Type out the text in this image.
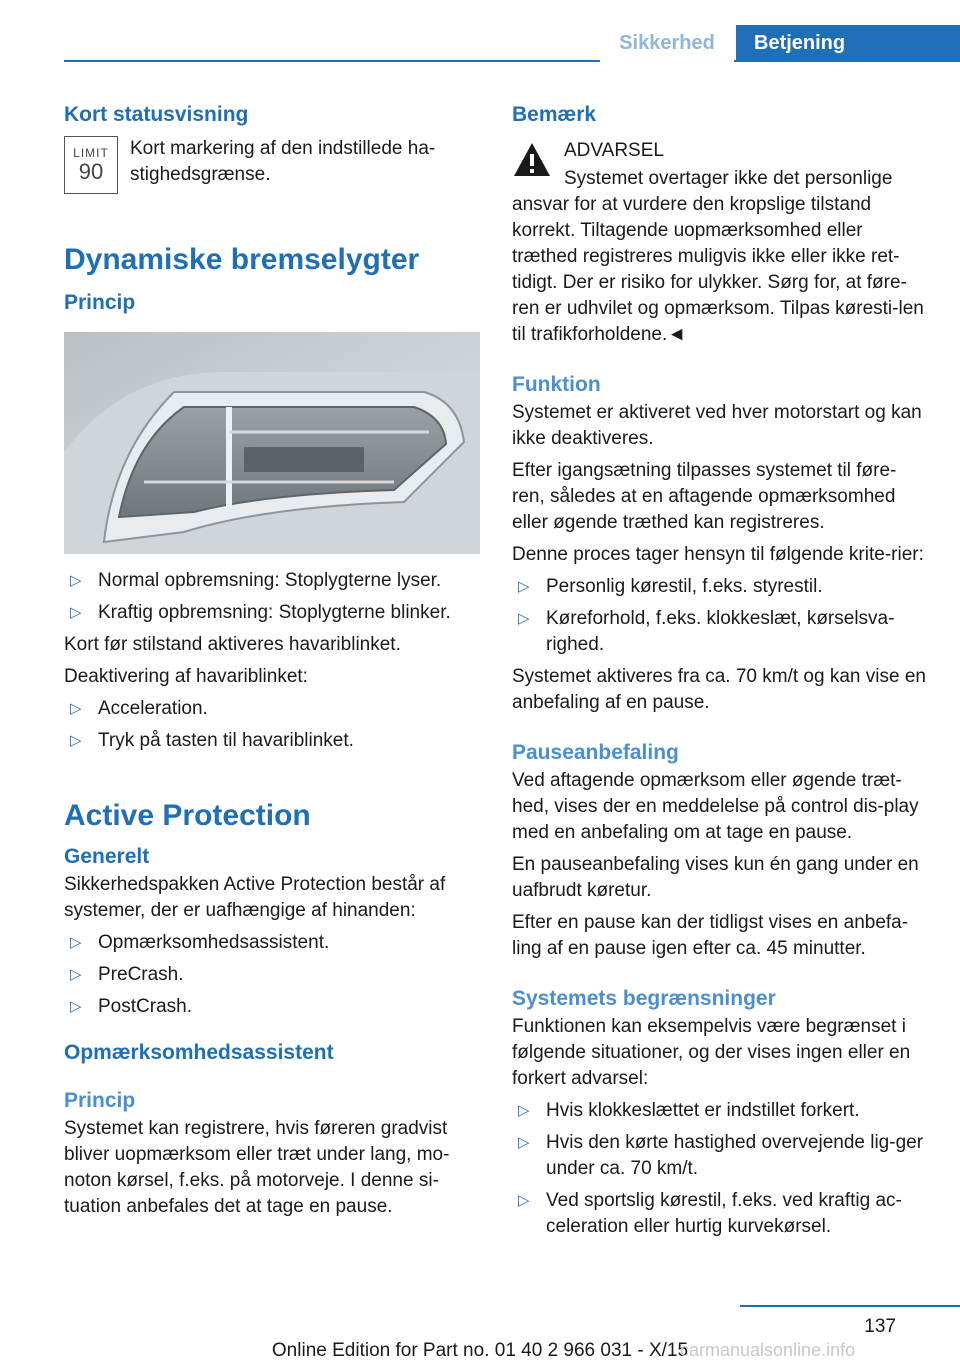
Sikkerhed	Betjening
Kort statusvisning
LIMIT
90

Kort markering af den indstillede ha-stighedsgrænse.

Dynamiske bremselygter
Princip
▷ Normal opbremsning: Stoplygterne lyser.
▷ Kraftig opbremsning: Stoplygterne blinker.

Kort før stilstand aktiveres havariblinket.

Deaktivering af havariblinket:

▷ Acceleration.
▷ Tryk på tasten til havariblinket.
Active Protection
Generelt

Sikkerhedspakken Active Protection består af systemer, der er uafhængige af hinanden:

▷ Opmærksomhedsassistent.
▷ PreCrash.
▷ PostCrash.
Opmærksomhedsassistent
Princip

Systemet kan registrere, hvis føreren gradvist bliver uopmærksom eller træt under lang, mo-noton kørsel, f.eks. på motorveje. I denne si-tuation anbefales det at tage en pause.

Bemærk

ADVARSEL

Systemet overtager ikke det personlige ansvar for at vurdere den kropslige tilstand korrekt. Tiltagende uopmærksomhed eller træthed registreres muligvis ikke eller ikke ret-tidigt. Der er risiko for ulykker. Sørg for, at føre-ren er udhvilet og opmærksom. Tilpas køresti-len til trafikforholdene.◄

Funktion

Systemet er aktiveret ved hver motorstart og kan ikke deaktiveres.

Efter igangsætning tilpasses systemet til føre-ren, således at en aftagende opmærksomhed eller øgende træthed kan registreres.

Denne proces tager hensyn til følgende krite-rier:

▷ Personlig kørestil, f.eks. styrestil.
▷ Køreforhold, f.eks. klokkeslæt, kørselsva-righed.

Systemet aktiveres fra ca. 70 km/t og kan vise en anbefaling af en pause.

Pauseanbefaling

Ved aftagende opmærksom eller øgende træt-hed, vises der en meddelelse på control dis-play med en anbefaling om at tage en pause.

En pauseanbefaling vises kun én gang under en uafbrudt køretur.

Efter en pause kan der tidligst vises en anbefa-ling af en pause igen efter ca. 45 minutter.

Systemets begrænsninger

Funktionen kan eksempelvis være begrænset i følgende situationer, og der vises ingen eller en forkert advarsel:

▷ Hvis klokkeslættet er indstillet forkert.
▷ Hvis den kørte hastighed overvejende lig-ger under ca. 70 km/t.
▷ Ved sportslig kørestil, f.eks. ved kraftig ac-celeration eller hurtig kurvekørsel.
137
Online Edition for Part no. 01 40 2 966 031 - X/15
carmanualsonline.info
